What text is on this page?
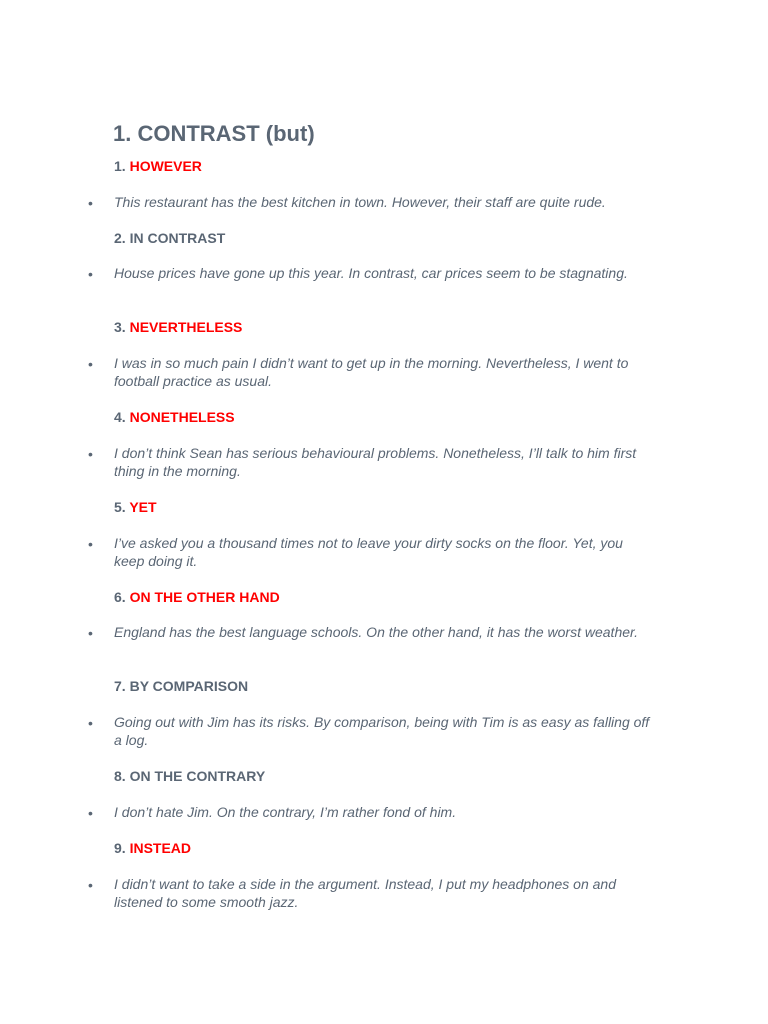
1. CONTRAST (but)
1. HOWEVER
• This restaurant has the best kitchen in town. However, their staff are quite rude.

2. IN CONTRAST
• House prices have gone up this year. In contrast, car prices seem to be stagnating.

3. NEVERTHELESS
• I was in so much pain I didn’t want to get up in the morning. Nevertheless, I went to football practice as usual.

4. NONETHELESS
• I don’t think Sean has serious behavioural problems. Nonetheless, I’ll talk to him first thing in the morning.

5. YET
• I’ve asked you a thousand times not to leave your dirty socks on the floor. Yet, you keep doing it.

6. ON THE OTHER HAND
• England has the best language schools. On the other hand, it has the worst weather.

7. BY COMPARISON
• Going out with Jim has its risks. By comparison, being with Tim is as easy as falling off a log.

8. ON THE CONTRARY
• I don’t hate Jim. On the contrary, I’m rather fond of him.

9. INSTEAD
• I didn’t want to take a side in the argument. Instead, I put my headphones on and listened to some smooth jazz.
